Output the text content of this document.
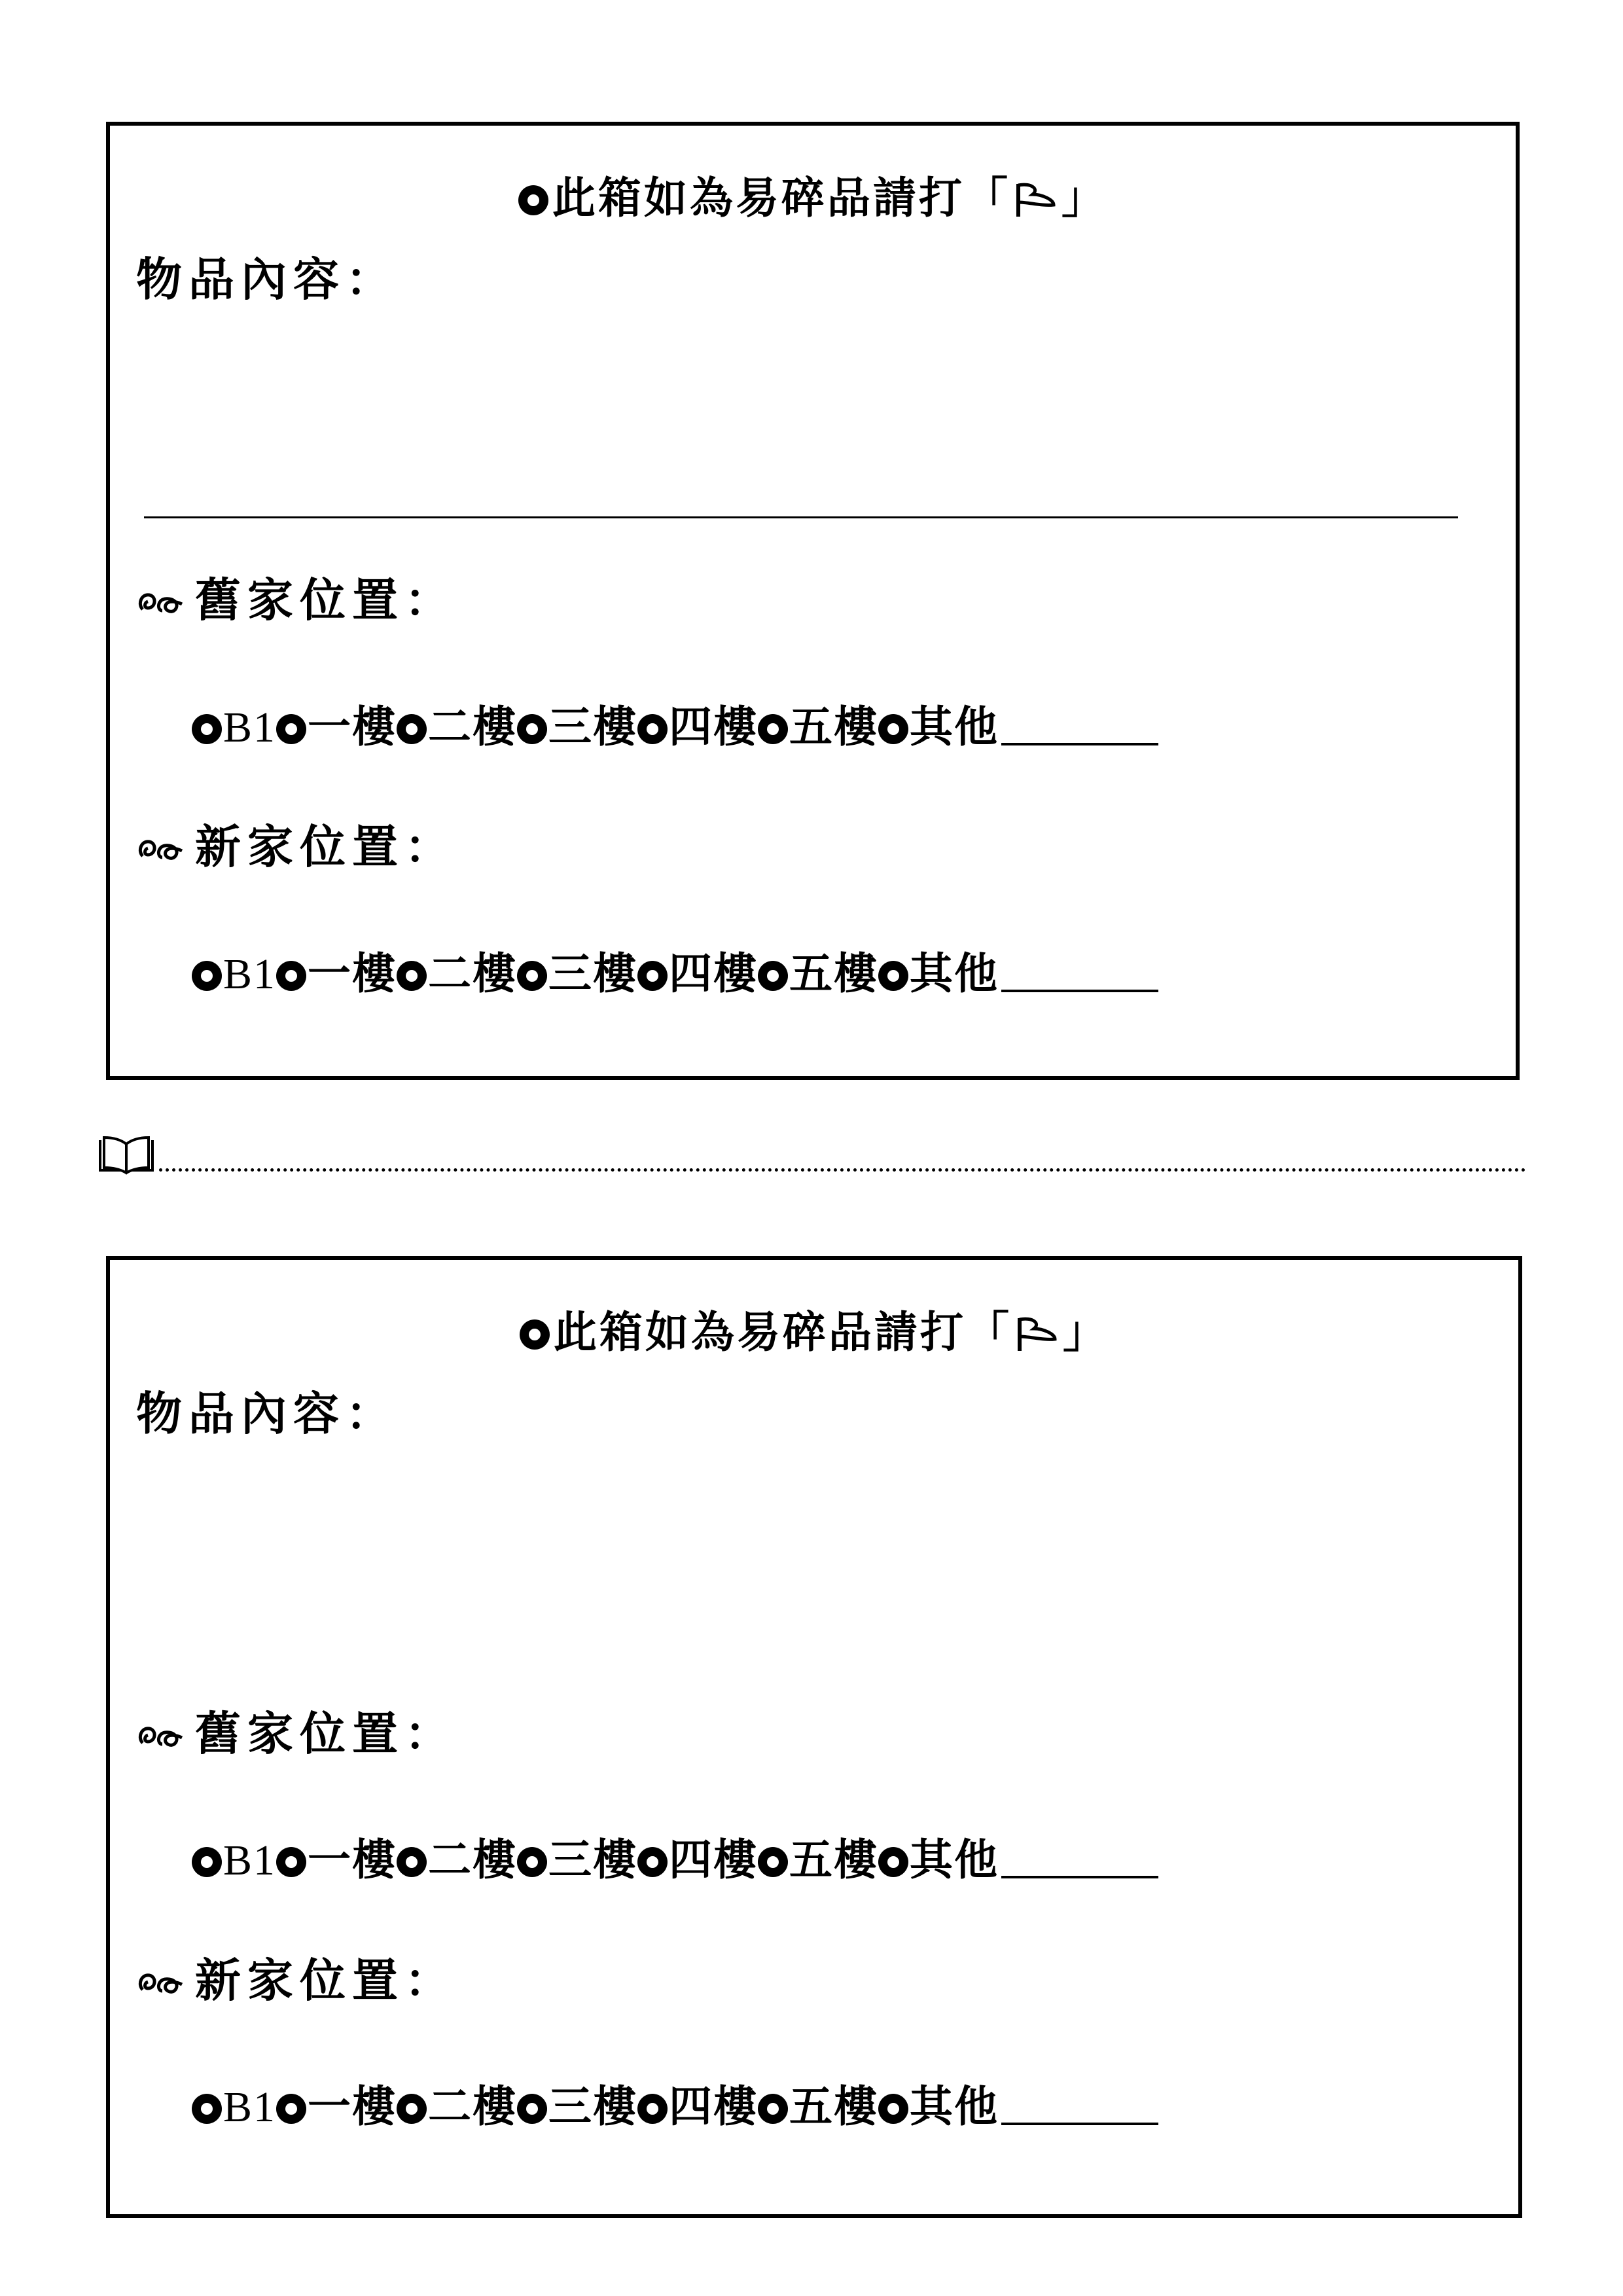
此箱如為易碎品請打「 」
物品內容：
舊家位置：
B1 一樓 二樓 三樓 四樓 五樓 其他
新家位置：
B1 一樓 二樓 三樓 四樓 五樓 其他
此箱如為易碎品請打「 」
物品內容：
舊家位置：
B1 一樓 二樓 三樓 四樓 五樓 其他
新家位置：
B1 一樓 二樓 三樓 四樓 五樓 其他
